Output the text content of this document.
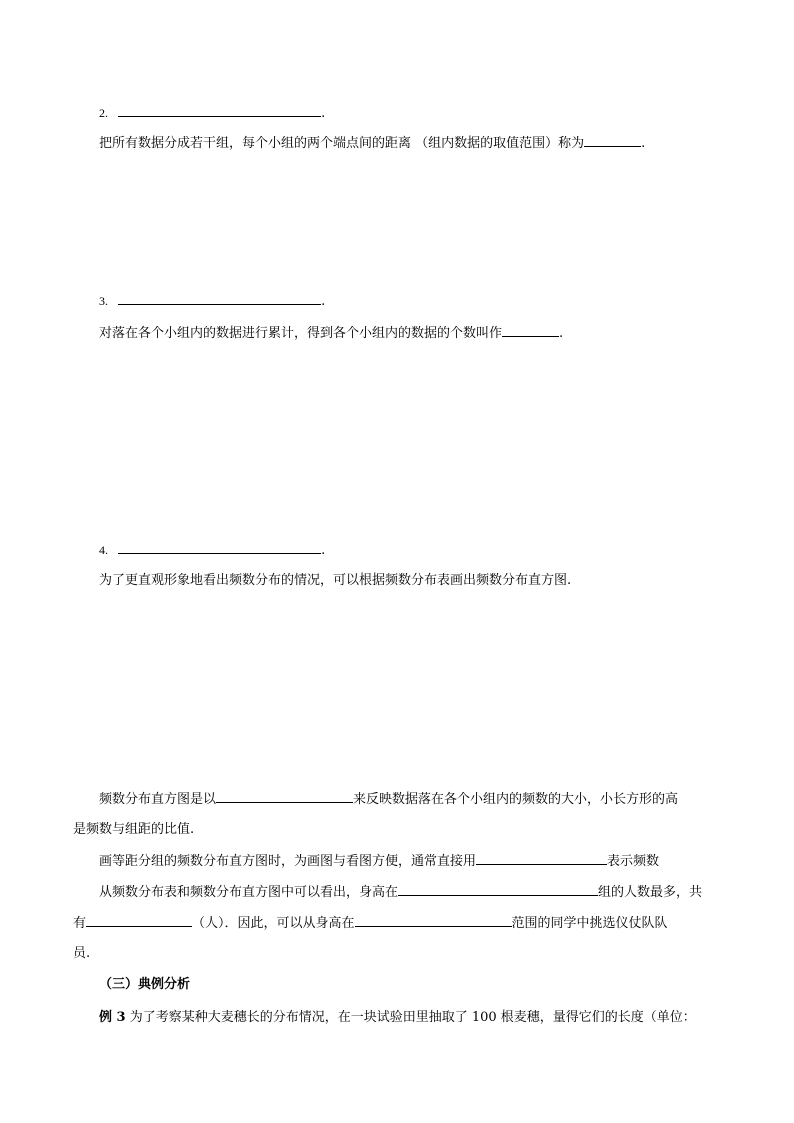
2.	.
把所有数据分成若干组，每个小组的两个端点间的距离 （组内数据的取值范围）称为	.
3.	.
对落在各个小组内的数据进行累计，得到各个小组内的数据的个数叫作	.
4.	.
为了更直观形象地看出频数分布的情况，可以根据频数分布表画出频数分布直方图.
频数分布直方图是以	来反映数据落在各个小组内的频数的大小，小长方形的高
是频数与组距的比值.
画等距分组的频数分布直方图时，为画图与看图方便，通常直接用	表示频数
从频数分布表和频数分布直方图中可以看出，身高在	组的人数最多，共
有	（人）．因此，可以从身高在	范围的同学中挑选仪仗队队
员.
（三）典例分析
例 3 为了考察某种大麦穗长的分布情况，在一块试验田里抽取了 100 根麦穗，量得它们的长度（单位：
